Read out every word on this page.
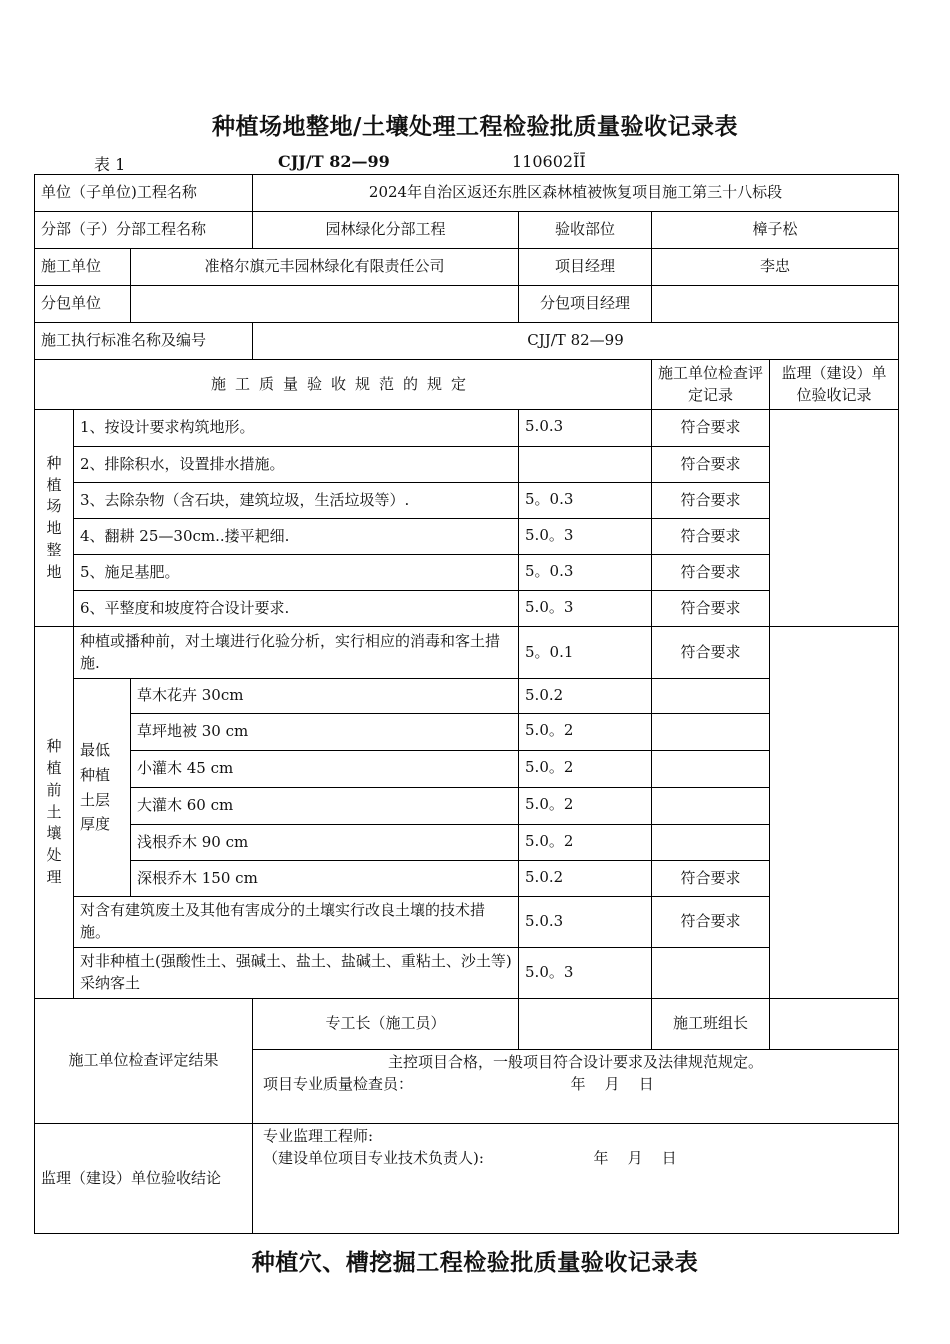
种植场地整地/土壤处理工程检验批质量验收记录表
表 1	CJJ/T 82—99	110602ĨĪ
单位（子单位)工程名称			2024年自治区返还东胜区森林植被恢复项目施工第三十八标段			
分部（子）分部工程名称			园林绿化分部工程	验收部位	樟子松	
施工单位		准格尔旗元丰园林绿化有限责任公司		项目经理	李忠	
分包单位				分包项目经理		
施工执行标准名称及编号			CJJ/T 82—99			
施工质量验收规范的规定					施工单位检查评定记录	监理（建设）单位验收记录
种植场地整地	1、按设计要求构筑地形。			5.0.3	符合要求	
	2、排除积水，设置排水措施。				符合要求	
	3、去除杂物（含石块，建筑垃圾，生活垃圾等）.			5。0.3	符合要求	
	4、翻耕 25—30cm..搂平耙细.			5.0。3	符合要求	
	5、施足基肥。			5。0.3	符合要求	
	6、平整度和坡度符合设计要求.			5.0。3	符合要求	
种植前土壤处理	种植或播种前，对土壤进行化验分析，实行相应的消毒和客土措施.			5。0.1	符合要求	
	最低种植土层厚度	草木花卉 30cm		5.0.2		
		草坪地被 30 cm		5.0。2		
		小灌木 45 cm		5.0。2		
		大灌木 60 cm		5.0。2		
		浅根乔木 90 cm		5.0。2		
		深根乔木 150 cm		5.0.2	符合要求	
	对含有建筑废土及其他有害成分的土壤实行改良土壤的技术措施。			5.0.3	符合要求	
	对非种植土(强酸性土、强碱土、盐土、盐碱土、重粘土、沙土等)采纳客土			5.0。3		
施工单位检查评定结果			专工长（施工员）		施工班组长	

			主控项目合格，一般项目符合设计要求及法律规范规定。
项目专业质量检查员： 年    月    日			

监理（建设）单位验收结论			专业监理工程师:
（建设单位项目专业技术负责人): 年    月    日			
种植穴、槽挖掘工程检验批质量验收记录表
